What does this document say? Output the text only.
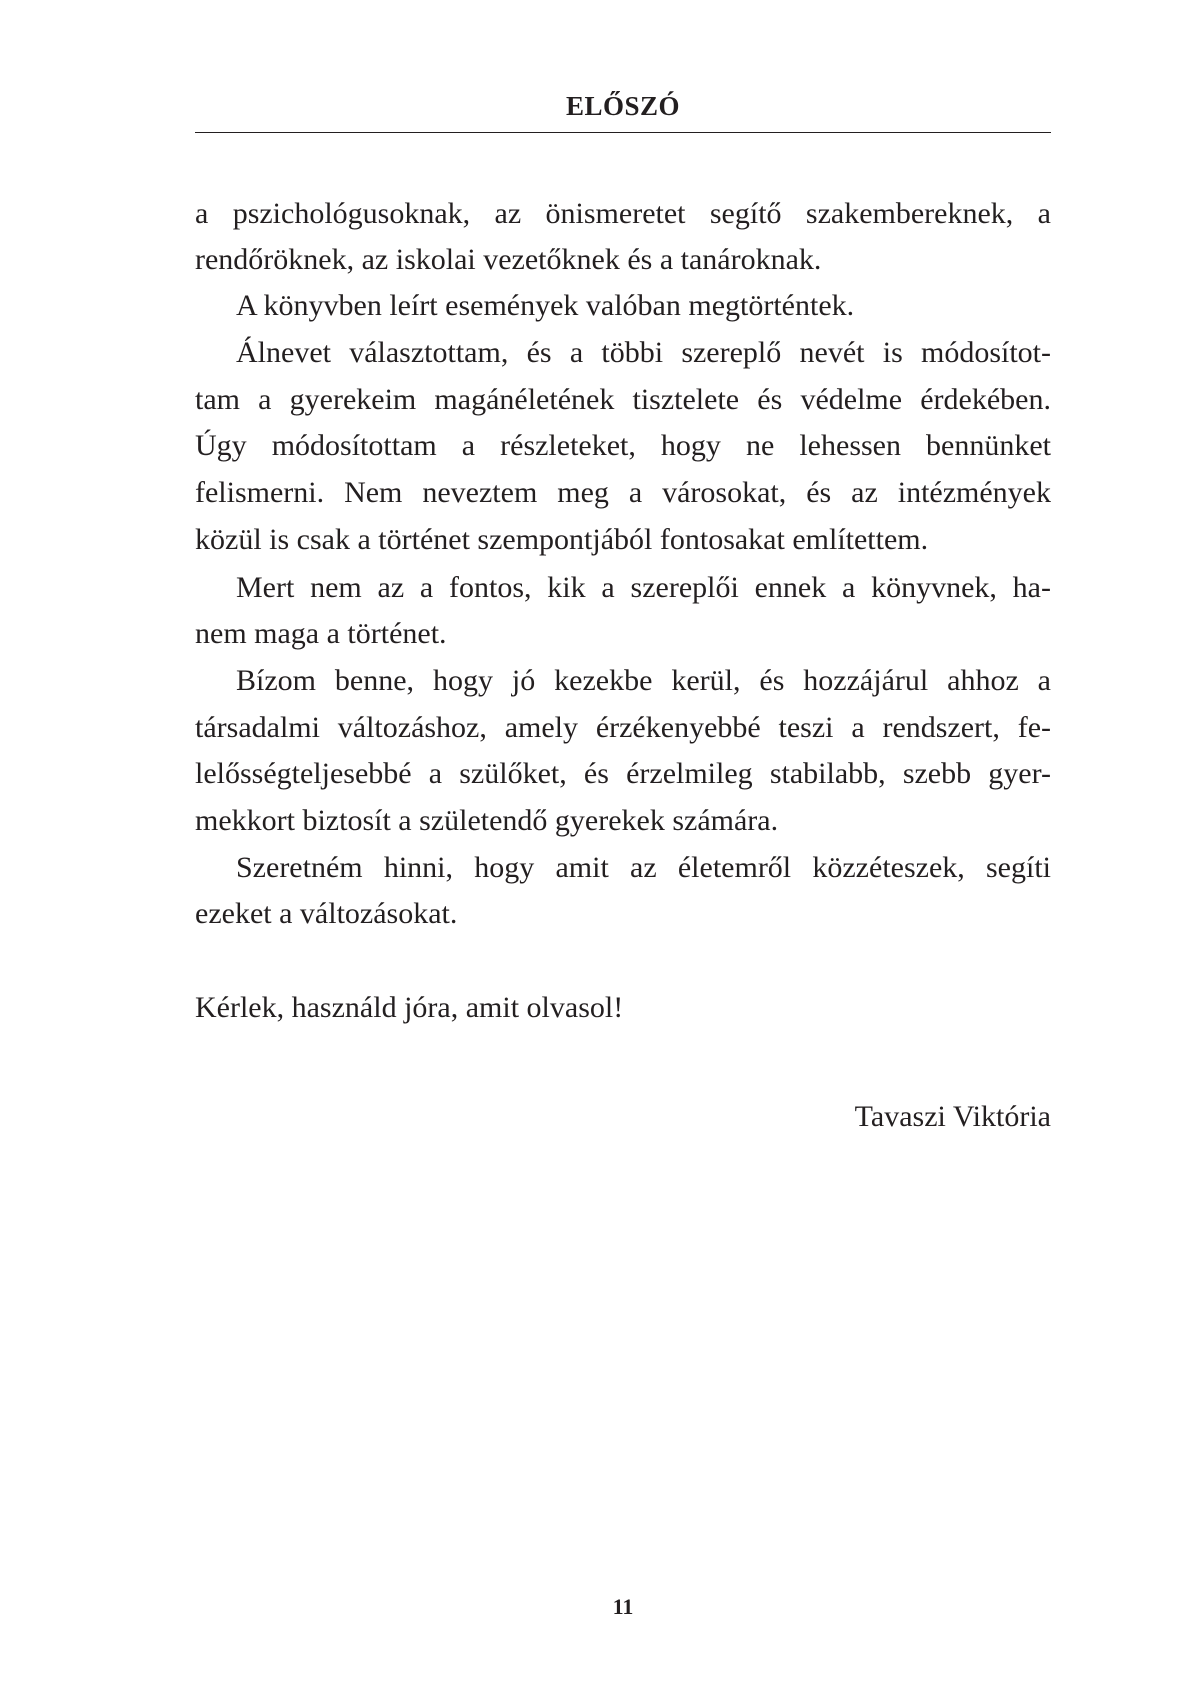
ELŐSZÓ
a pszichológusoknak, az önismeretet segítő szakembereknek, a
rendőröknek, az iskolai vezetőknek és a tanároknak.
A könyvben leírt események valóban megtörténtek.
Álnevet választottam, és a többi szereplő nevét is módosítot-
tam a gyerekeim magánéletének tisztelete és védelme érdekében.
Úgy módosítottam a részleteket, hogy ne lehessen bennünket
felismerni. Nem neveztem meg a városokat, és az intézmények
közül is csak a történet szempontjából fontosakat említettem.
Mert nem az a fontos, kik a szereplői ennek a könyvnek, ha-
nem maga a történet.
Bízom benne, hogy jó kezekbe kerül, és hozzájárul ahhoz a
társadalmi változáshoz, amely érzékenyebbé teszi a rendszert, fe-
lelősségteljesebbé a szülőket, és érzelmileg stabilabb, szebb gyer-
mekkort biztosít a születendő gyerekek számára.
Szeretném hinni, hogy amit az életemről közzéteszek, segíti
ezeket a változásokat.
Kérlek, használd jóra, amit olvasol!
Tavaszi Viktória
11
